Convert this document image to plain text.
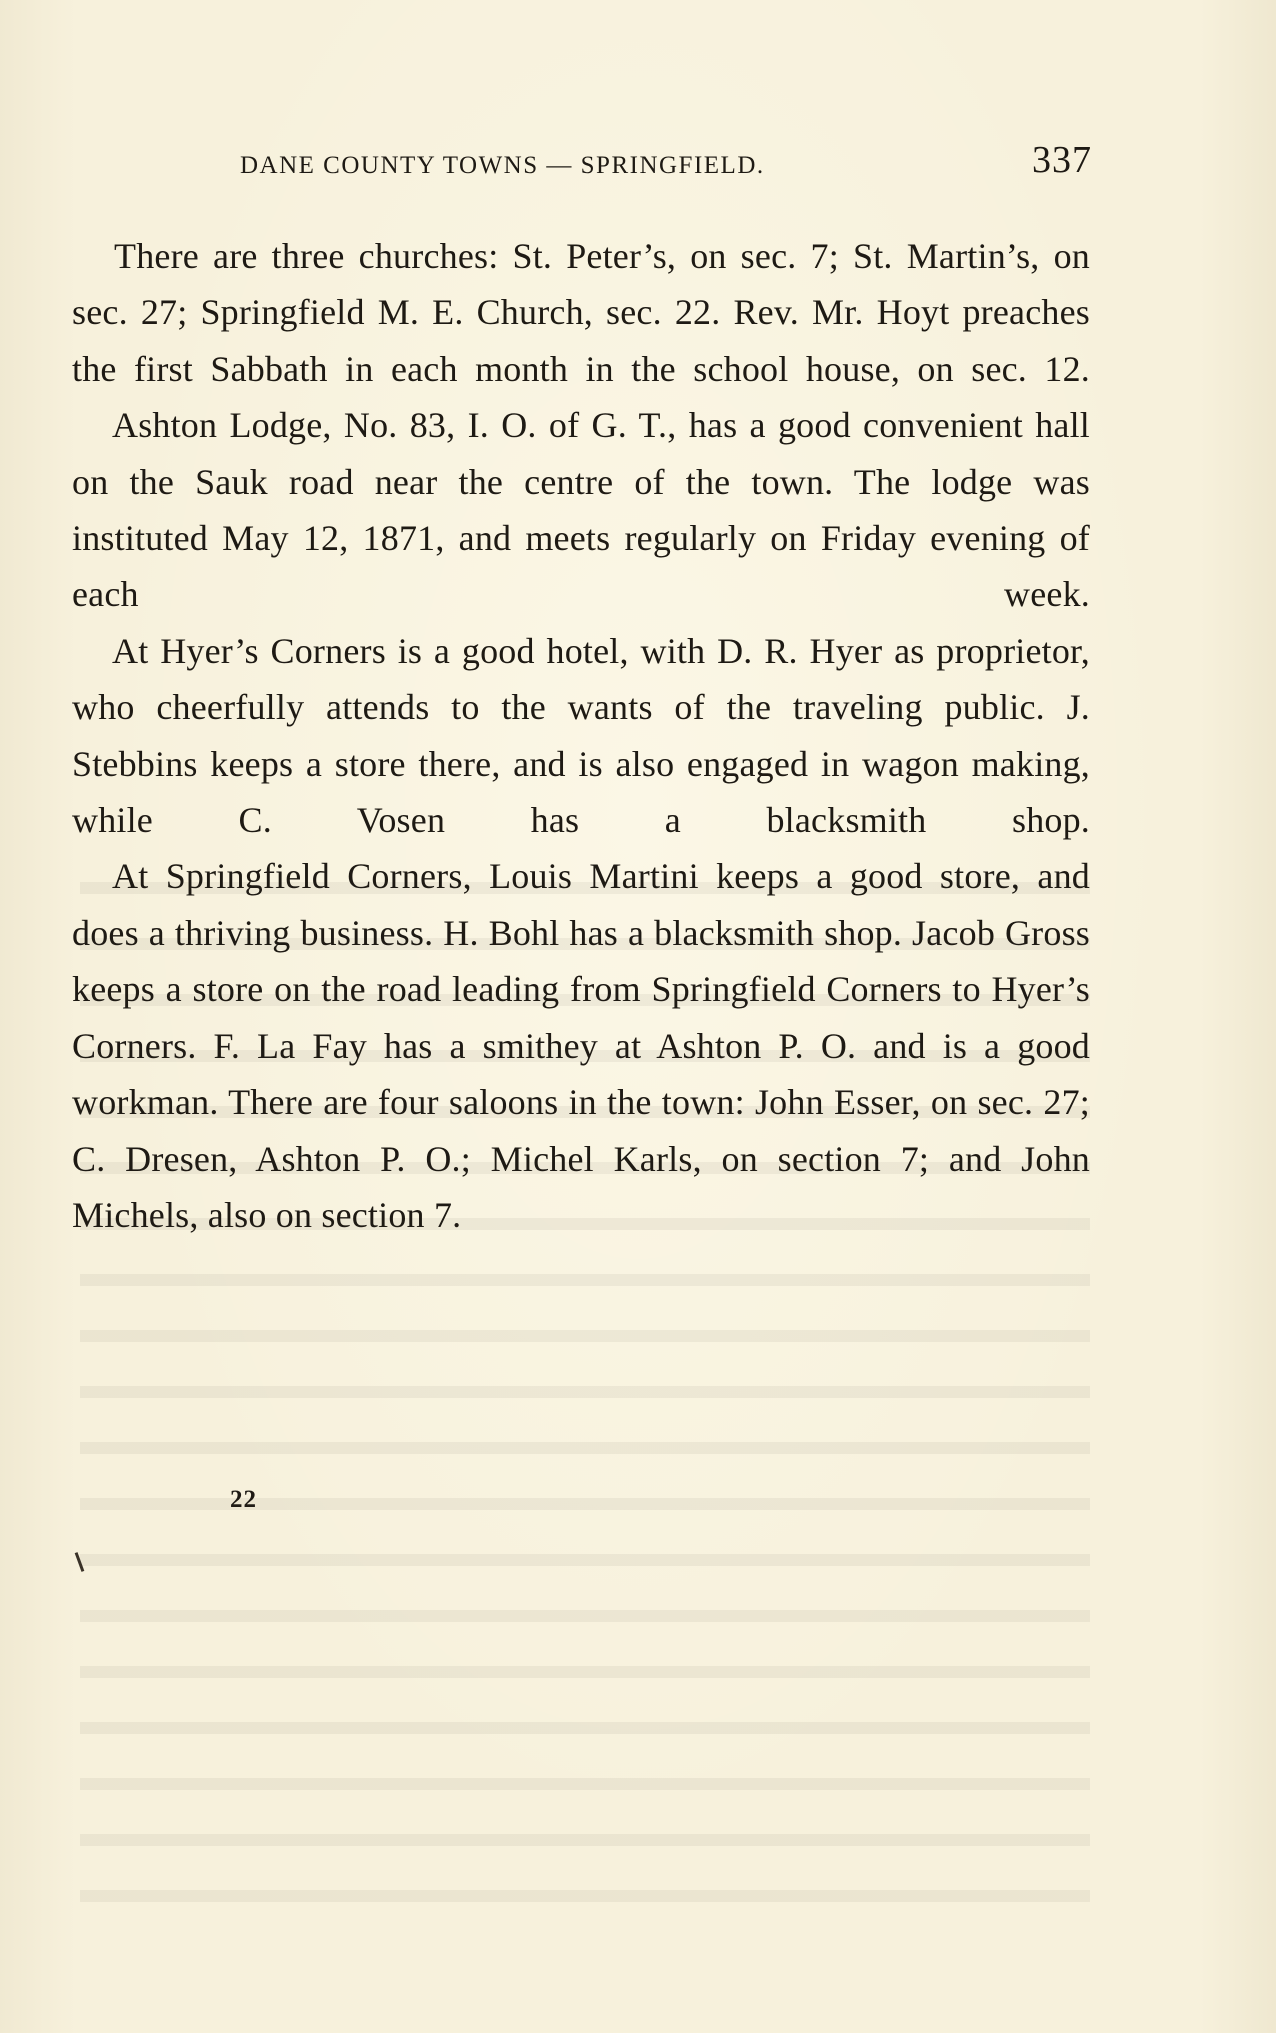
DANE COUNTY TOWNS — SPRINGFIELD.	337

There are three churches: St. Peter’s, on sec. 7; St. Martin’s, on sec. 27; Springfield M. E. Church, sec. 22. Rev. Mr. Hoyt preaches the first Sabbath in each month in the school house, on sec. 12.

Ashton Lodge, No. 83, I. O. of G. T., has a good convenient hall on the Sauk road near the centre of the town. The lodge was instituted May 12, 1871, and meets regularly on Friday evening of each week.

At Hyer’s Corners is a good hotel, with D. R. Hyer as proprietor, who cheerfully attends to the wants of the traveling public. J. Stebbins keeps a store there, and is also engaged in wagon making, while C. Vosen has a blacksmith shop.

At Springfield Corners, Louis Martini keeps a good store, and does a thriving business. H. Bohl has a blacksmith shop. Jacob Gross keeps a store on the road leading from Springfield Corners to Hyer’s Corners. F. La Fay has a smithey at Ashton P. O. and is a good workman. There are four saloons in the town: John Esser, on sec. 27; C. Dresen, Ashton P. O.; Michel Karls, on section 7; and John Michels, also on section 7.

22
